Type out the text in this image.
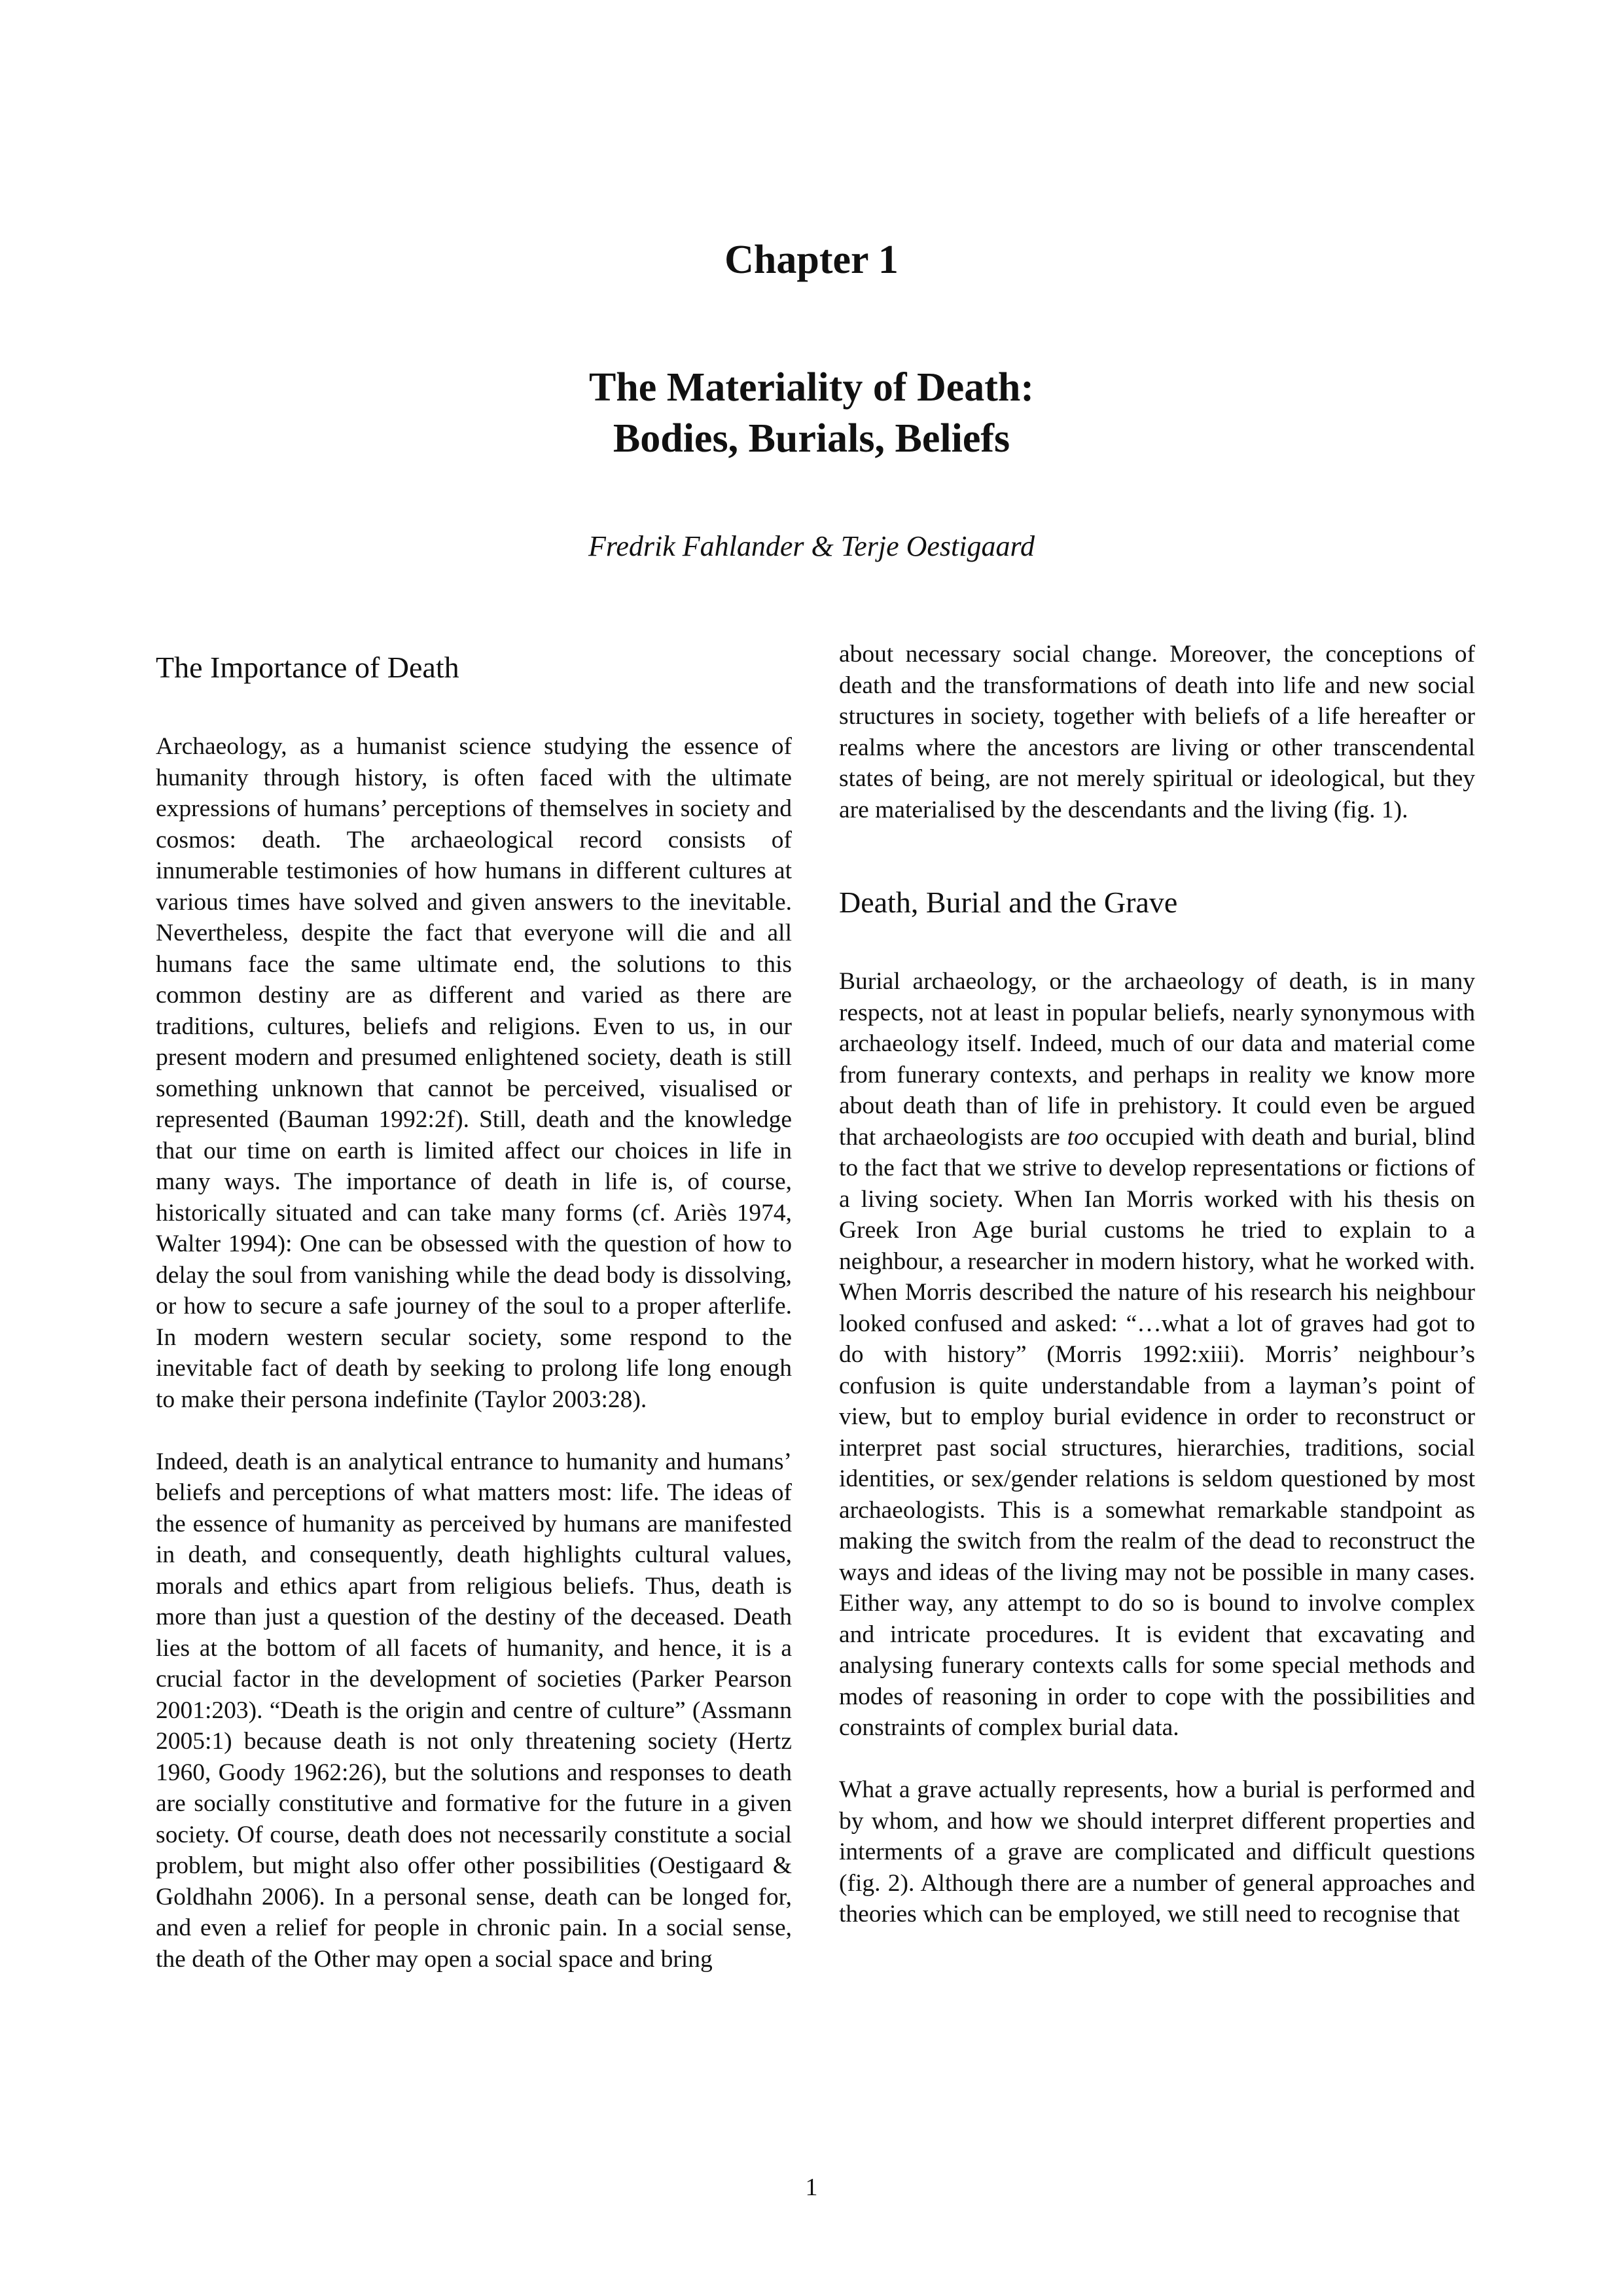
Chapter 1
The Materiality of Death:
Bodies, Burials, Beliefs
Fredrik Fahlander & Terje Oestigaard
The Importance of Death

Archaeology, as a humanist science studying the essence of humanity through history, is often faced with the ultimate expressions of humans’ perceptions of themselves in society and cosmos: death. The archaeological record consists of innumerable testimonies of how humans in different cultures at various times have solved and given answers to the inevitable. Nevertheless, despite the fact that everyone will die and all humans face the same ultimate end, the solutions to this common destiny are as different and varied as there are traditions, cultures, beliefs and religions. Even to us, in our present modern and presumed enlightened society, death is still something unknown that cannot be perceived, visualised or represented (Bauman 1992:2f). Still, death and the knowledge that our time on earth is limited affect our choices in life in many ways. The importance of death in life is, of course, historically situated and can take many forms (cf. Ariès 1974, Walter 1994): One can be obsessed with the question of how to delay the soul from vanishing while the dead body is dissolving, or how to secure a safe journey of the soul to a proper afterlife. In modern western secular society, some respond to the inevitable fact of death by seeking to prolong life long enough to make their persona indefinite (Taylor 2003:28).

Indeed, death is an analytical entrance to humanity and humans’ beliefs and perceptions of what matters most: life. The ideas of the essence of humanity as perceived by humans are manifested in death, and consequently, death highlights cultural values, morals and ethics apart from religious beliefs. Thus, death is more than just a question of the destiny of the deceased. Death lies at the bottom of all facets of humanity, and hence, it is a crucial factor in the development of societies (Parker Pearson 2001:203). “Death is the origin and centre of culture” (Assmann 2005:1) because death is not only threatening society (Hertz 1960, Goody 1962:26), but the solutions and responses to death are socially constitutive and formative for the future in a given society. Of course, death does not necessarily constitute a social problem, but might also offer other possibilities (Oestigaard & Goldhahn 2006). In a personal sense, death can be longed for, and even a relief for people in chronic pain. In a social sense, the death of the Other may open a social space and bring

about necessary social change. Moreover, the conceptions of death and the transformations of death into life and new social structures in society, together with beliefs of a life hereafter or realms where the ancestors are living or other transcendental states of being, are not merely spiritual or ideological, but they are materialised by the descendants and the living (fig. 1).

Death, Burial and the Grave

Burial archaeology, or the archaeology of death, is in many respects, not at least in popular beliefs, nearly synonymous with archaeology itself. Indeed, much of our data and material come from funerary contexts, and perhaps in reality we know more about death than of life in prehistory. It could even be argued that archaeologists are too occupied with death and burial, blind to the fact that we strive to develop representations or fictions of a living society. When Ian Morris worked with his thesis on Greek Iron Age burial customs he tried to explain to a neighbour, a researcher in modern history, what he worked with. When Morris described the nature of his research his neighbour looked confused and asked: “…what a lot of graves had got to do with history” (Morris 1992:xiii). Morris’ neighbour’s confusion is quite understandable from a layman’s point of view, but to employ burial evidence in order to reconstruct or interpret past social structures, hierarchies, traditions, social identities, or sex/gender relations is seldom questioned by most archaeologists. This is a somewhat remarkable standpoint as making the switch from the realm of the dead to reconstruct the ways and ideas of the living may not be possible in many cases. Either way, any attempt to do so is bound to involve complex and intricate procedures. It is evident that excavating and analysing funerary contexts calls for some special methods and modes of reasoning in order to cope with the possibilities and constraints of complex burial data.

What a grave actually represents, how a burial is performed and by whom, and how we should interpret different properties and interments of a grave are complicated and difficult questions (fig. 2). Although there are a number of general approaches and theories which can be employed, we still need to recognise that

1
